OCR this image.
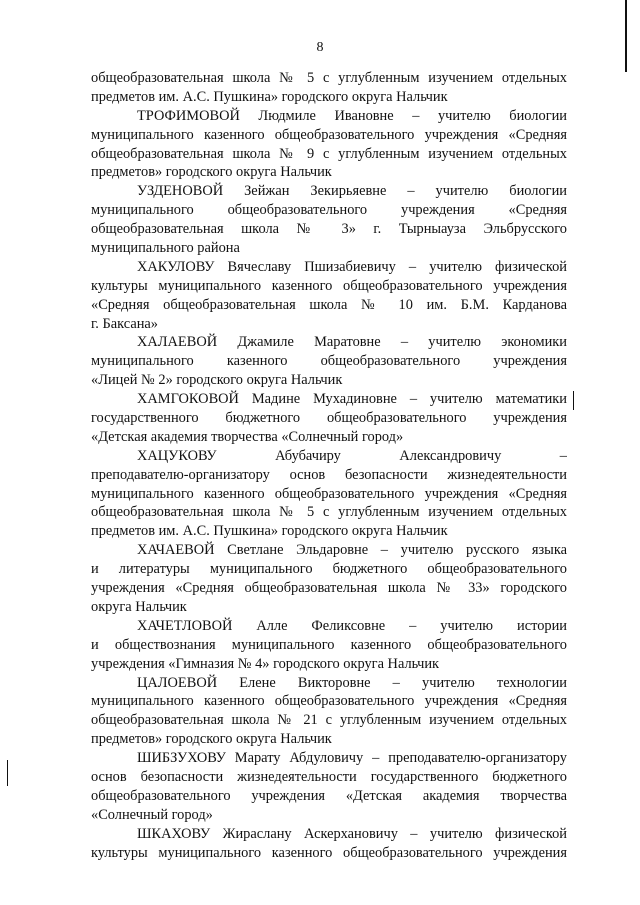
8
общеобразовательная школа № 5 с углубленным изучением отдельных
предметов им. А.С. Пушкина» городского округа Нальчик
ТРОФИМОВОЙ Людмиле Ивановне – учителю биологии
муниципального казенного общеобразовательного учреждения «Средняя
общеобразовательная школа № 9 с углубленным изучением отдельных
предметов» городского округа Нальчик
УЗДЕНОВОЙ Зейжан Зекирьяевне – учителю биологии
муниципального общеобразовательного учреждения «Средняя
общеобразовательная школа № 3» г. Тырныауза Эльбрусского
муниципального района
ХАКУЛОВУ Вячеславу Пшизабиевичу – учителю физической
культуры муниципального казенного общеобразовательного учреждения
«Средняя общеобразовательная школа № 10 им. Б.М. Карданова
г. Баксана»
ХАЛАЕВОЙ Джамиле Маратовне – учителю экономики
муниципального казенного общеобразовательного учреждения
«Лицей № 2» городского округа Нальчик
ХАМГОКОВОЙ Мадине Мухадиновне – учителю математики
государственного бюджетного общеобразовательного учреждения
«Детская академия творчества «Солнечный город»
ХАЦУКОВУ Абубачиру Александровичу –
преподавателю-организатору основ безопасности жизнедеятельности
муниципального казенного общеобразовательного учреждения «Средняя
общеобразовательная школа № 5 с углубленным изучением отдельных
предметов им. А.С. Пушкина» городского округа Нальчик
ХАЧАЕВОЙ Светлане Эльдаровне – учителю русского языка
и литературы муниципального бюджетного общеобразовательного
учреждения «Средняя общеобразовательная школа № 33» городского
округа Нальчик
ХАЧЕТЛОВОЙ Алле Феликсовне – учителю истории
и обществознания муниципального казенного общеобразовательного
учреждения «Гимназия № 4» городского округа Нальчик
ЦАЛОЕВОЙ Елене Викторовне – учителю технологии
муниципального казенного общеобразовательного учреждения «Средняя
общеобразовательная школа № 21 с углубленным изучением отдельных
предметов» городского округа Нальчик
ШИБЗУХОВУ Марату Абдуловичу – преподавателю-организатору
основ безопасности жизнедеятельности государственного бюджетного
общеобразовательного учреждения «Детская академия творчества
«Солнечный город»
ШКАХОВУ Жираслану Аскерхановичу – учителю физической
культуры муниципального казенного общеобразовательного учреждения
